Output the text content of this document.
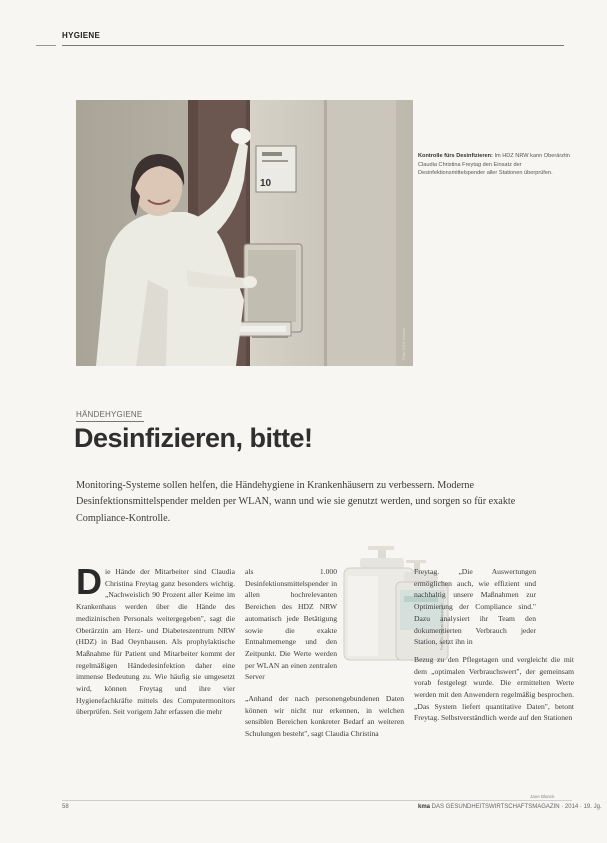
HYGIENE
10
Foto: KKH Kassel
Kontrolle fürs Desinfizieren: Im HDZ NRW kann Oberärztin Claudia Christina Freytag den Einsatz der Desinfektionsmittelspender aller Stationen überprüfen.
HÄNDEHYGIENE
Desinfizieren, bitte!
Monitoring-Systeme sollen helfen, die Händehygiene in Krankenhäusern zu verbessern. Moderne Desinfektionsmittelspender melden per WLAN, wann und wie sie genutzt werden, und sorgen so für exakte Compliance-Kontrolle.
Die Hände der Mitarbeiter sind Claudia Christina Freytag ganz besonders wichtig. „Nachweislich 90 Prozent aller Keime im Krankenhaus werden über die Hände des medizinischen Personals weitergegeben", sagt die Oberärztin am Herz- und Diabeteszentrum NRW (HDZ) in Bad Oeynhausen. Als prophylaktische Maßnahme für Patient und Mitarbeiter kommt der regelmäßigen Händedesinfektion daher eine immense Bedeutung zu. Wie häufig sie umgesetzt wird, können Freytag und ihre vier Hygienefachkräfte mittels des Computermonitors überprüfen. Seit vorigem Jahr erfassen die mehr

als 1.000 Desinfektionsmittelspender in allen hochrelevanten Bereichen des HDZ NRW automatisch jede Betätigung sowie die exakte Entnahmemenge und den Zeitpunkt. Die Werte werden per WLAN an einen zentralen Server

„Anhand der nach personengebundenen Daten können wir nicht nur erkennen, in welchen sensiblen Bereichen konkreter Bedarf an weiteren Schulungen besteht", sagt Claudia Christina

Foto: B. Braun Melsungen

Freytag. „Die Auswertungen ermöglichen auch, wie effizient und nachhaltig unsere Maßnahmen zur Optimierung der Compliance sind." Dazu analysiert ihr Team den dokumentierten Verbrauch jeder Station, setzt ihn in

Bezug zu den Pflegetagen und vergleicht die mit dem „optimalen Verbrauchswert", der gemeinsam vorab festgelegt wurde. Die ermittelten Werte werden mit den Anwendern regelmäßig besprochen. „Das System liefert quantitative Daten", betont Freytag. Selbstverständlich werde auf den Stationen

Jane Blanck
58	kma DAS GESUNDHEITSWIRTSCHAFTSMAGAZIN · 2014 · 19. Jg.
